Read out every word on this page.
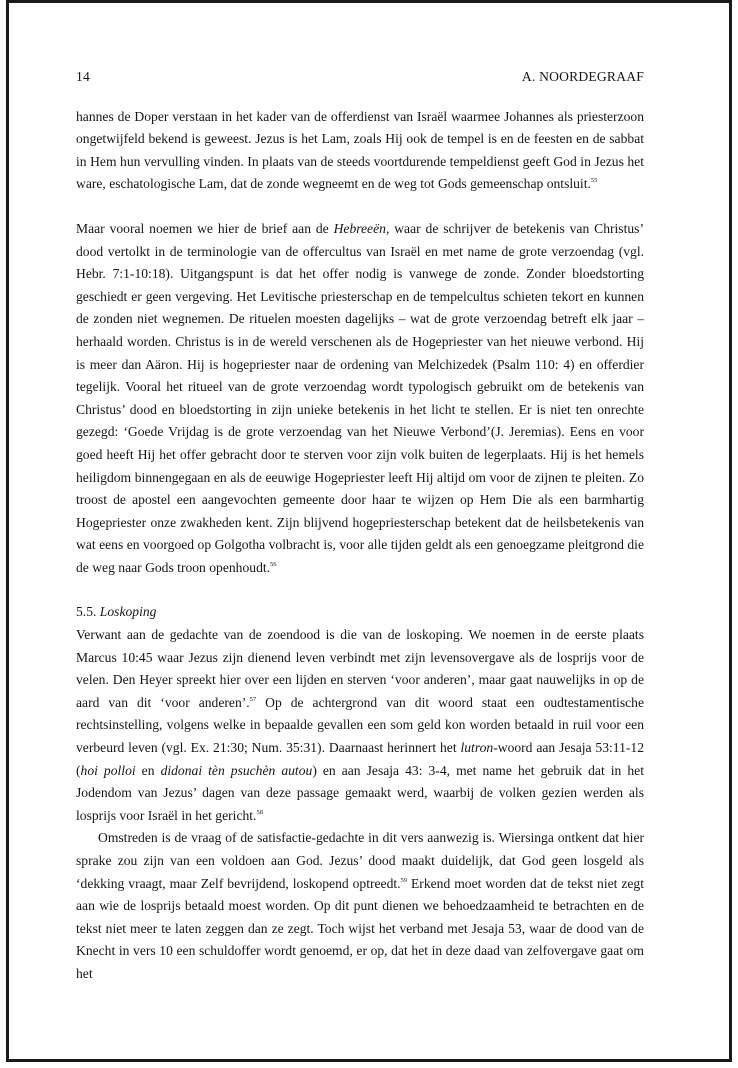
14	A. NOORDEGRAAF

hannes de Doper verstaan in het kader van de offerdienst van Israël waarmee Johannes als priesterzoon ongetwijfeld bekend is geweest. Jezus is het Lam, zoals Hij ook de tempel is en de feesten en de sabbat in Hem hun vervulling vinden. In plaats van de steeds voortdurende tempeldienst geeft God in Jezus het ware, eschatologische Lam, dat de zonde wegneemt en de weg tot Gods gemeenschap ontsluit.$^{55}$

Maar vooral noemen we hier de brief aan de Hebreeën, waar de schrijver de betekenis van Christus’ dood vertolkt in de terminologie van de offercultus van Israël en met name de grote verzoendag (vgl. Hebr. 7:1-10:18). Uitgangspunt is dat het offer nodig is vanwege de zonde. Zonder bloedstorting geschiedt er geen vergeving. Het Levitische priesterschap en de tempelcultus schieten tekort en kunnen de zonden niet wegnemen. De rituelen moesten dagelijks – wat de grote verzoendag betreft elk jaar – herhaald worden. Christus is in de wereld verschenen als de Hogepriester van het nieuwe verbond. Hij is meer dan Aäron. Hij is hogepriester naar de ordening van Melchizedek (Psalm 110: 4) en offerdier tegelijk. Vooral het ritueel van de grote verzoendag wordt typologisch gebruikt om de betekenis van Christus’ dood en bloedstorting in zijn unieke betekenis in het licht te stellen. Er is niet ten onrechte gezegd: ‘Goede Vrijdag is de grote verzoendag van het Nieuwe Verbond’(J. Jeremias). Eens en voor goed heeft Hij het offer gebracht door te sterven voor zijn volk buiten de legerplaats. Hij is het hemels heiligdom binnengegaan en als de eeuwige Hogepriester leeft Hij altijd om voor de zijnen te pleiten. Zo troost de apostel een aangevochten gemeente door haar te wijzen op Hem Die als een barmhartig Hogepriester onze zwakheden kent. Zijn blijvend hogepriesterschap betekent dat de heilsbetekenis van wat eens en voorgoed op Golgotha volbracht is, voor alle tijden geldt als een genoegzame pleitgrond die de weg naar Gods troon openhoudt.$^{56}$

5.5. Loskoping

Verwant aan de gedachte van de zoendood is die van de loskoping. We noemen in de eerste plaats Marcus 10:45 waar Jezus zijn dienend leven verbindt met zijn levensovergave als de losprijs voor de velen. Den Heyer spreekt hier over een lijden en sterven ‘voor anderen’, maar gaat nauwelijks in op de aard van dit ‘voor anderen’.$^{57}$ Op de achtergrond van dit woord staat een oudtestamentische rechtsinstelling, volgens welke in bepaalde gevallen een som geld kon worden betaald in ruil voor een verbeurd leven (vgl. Ex. 21:30; Num. 35:31). Daarnaast herinnert het lutron-woord aan Jesaja 53:11-12 (hoi polloi en didonai tèn psuchèn autou) en aan Jesaja 43: 3-4, met name het gebruik dat in het Jodendom van Jezus’ dagen van deze passage gemaakt werd, waarbij de volken gezien werden als losprijs voor Israël in het gericht.$^{58}$

Omstreden is de vraag of de satisfactie-gedachte in dit vers aanwezig is. Wiersinga ontkent dat hier sprake zou zijn van een voldoen aan God. Jezus’ dood maakt duidelijk, dat God geen losgeld als ‘dekking vraagt, maar Zelf bevrijdend, loskopend optreedt.$^{59}$ Erkend moet worden dat de tekst niet zegt aan wie de losprijs betaald moest worden. Op dit punt dienen we behoedzaamheid te betrachten en de tekst niet meer te laten zeggen dan ze zegt. Toch wijst het verband met Jesaja 53, waar de dood van de Knecht in vers 10 een schuldoffer wordt genoemd, er op, dat het in deze daad van zelfovergave gaat om het
